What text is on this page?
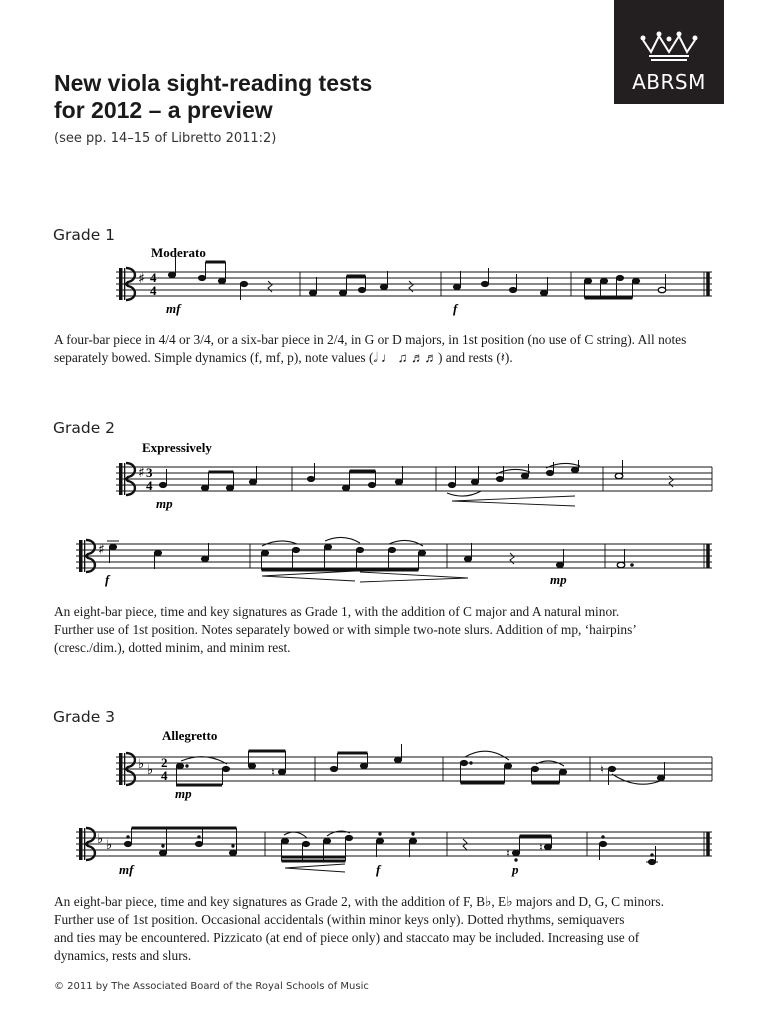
ABRSM
New viola sight-reading tests
for 2012 – a preview
(see pp. 14–15 of Libretto 2011:2)
Grade 1
Grade 2
Grade 3
Moderato
♯ 4
4
mf	f
Expressively
♯ 3
4
mp
♯
f	mp
Allegretto
♭ ♭
2
4	♮
♮
mp
♭ ♭
♮	♮
mf	f	p
A four-bar piece in 4/4 or 3/4, or a six-bar piece in 2/4, in G or D majors, in 1st position (no use of C string). All notes
separately bowed. Simple dynamics (f, mf, p), note values (𝅗𝅥 ♩ ♫ ♬♬) and rests (𝄽).
An eight-bar piece, time and key signatures as Grade 1, with the addition of C major and A natural minor.
Further use of 1st position. Notes separately bowed or with simple two-note slurs. Addition of mp, ‘hairpins’
(cresc./dim.), dotted minim, and minim rest.
An eight-bar piece, time and key signatures as Grade 2, with the addition of F, B♭, E♭ majors and D, G, C minors.
Further use of 1st position. Occasional accidentals (within minor keys only). Dotted rhythms, semiquavers
and ties may be encountered. Pizzicato (at end of piece only) and staccato may be included. Increasing use of
dynamics, rests and slurs.
© 2011 by The Associated Board of the Royal Schools of Music
